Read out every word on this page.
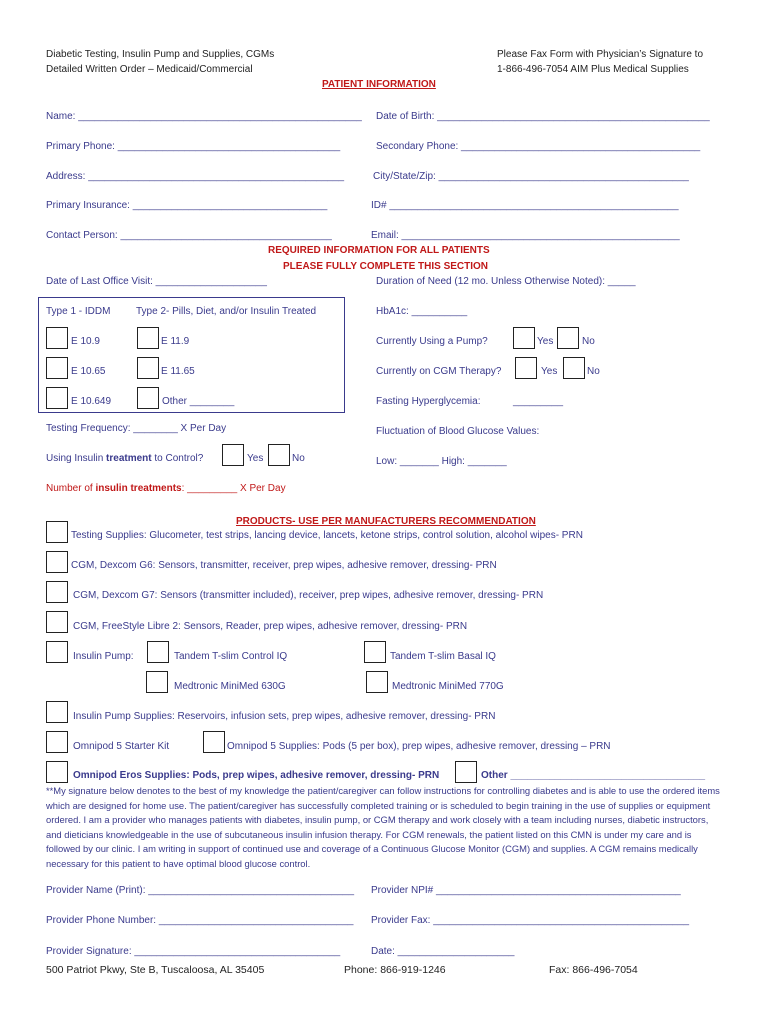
Diabetic Testing, Insulin Pump and Supplies, CGMs
Detailed Written Order – Medicaid/Commercial
Please Fax Form with Physician’s Signature to
1-866-496-7054 AIM Plus Medical Supplies
PATIENT INFORMATION
Name: ___________________________________________________ Date of Birth: _________________________________________________
Primary Phone: ________________________________________	Secondary Phone: ___________________________________________
Address: ______________________________________________	City/State/Zip: _____________________________________________
Primary Insurance: ___________________________________	ID# ____________________________________________________
Contact Person: ______________________________________	Email: __________________________________________________
REQUIRED INFORMATION FOR ALL PATIENTS
PLEASE FULLY COMPLETE THIS SECTION
Date of Last Office Visit: ____________________	Duration of Need (12 mo. Unless Otherwise Noted): _____
Type 1 - IDDM	Type 2- Pills, Diet, and/or Insulin Treated
E 10.9	E 11.9
E 10.65	E 11.65
E 10.649	Other ________
HbA1c: __________
Currently Using a Pump?	Yes	No
Currently on CGM Therapy?	Yes	No
Fasting Hyperglycemia:	_________
Fluctuation of Blood Glucose Values:
Low: _______ High: _______
Testing Frequency: ________ X Per Day
Using Insulin treatment to Control?	Yes	No
Number of insulin treatments: _________ X Per Day
PRODUCTS- USE PER MANUFACTURERS RECOMMENDATION
Testing Supplies: Glucometer, test strips, lancing device, lancets, ketone strips, control solution, alcohol wipes- PRN
CGM, Dexcom G6: Sensors, transmitter, receiver, prep wipes, adhesive remover, dressing- PRN
CGM, Dexcom G7: Sensors (transmitter included), receiver, prep wipes, adhesive remover, dressing- PRN
CGM, FreeStyle Libre 2: Sensors, Reader, prep wipes, adhesive remover, dressing- PRN
Insulin Pump:	Tandem T-slim Control IQ	Tandem T-slim Basal IQ
Medtronic MiniMed 630G	Medtronic MiniMed 770G
Insulin Pump Supplies: Reservoirs, infusion sets, prep wipes, adhesive remover, dressing- PRN
Omnipod 5 Starter Kit	Omnipod 5 Supplies: Pods (5 per box), prep wipes, adhesive remover, dressing – PRN
Omnipod Eros Supplies: Pods, prep wipes, adhesive remover, dressing- PRN	Other ___________________________________
**My signature below denotes to the best of my knowledge the patient/caregiver can follow instructions for controlling diabetes and is able to use the ordered items which are designed for home use. The patient/caregiver has successfully completed training or is scheduled to begin training in the use of supplies or equipment ordered. I am a provider who manages patients with diabetes, insulin pump, or CGM therapy and work closely with a team including nurses, diabetic instructors, and dieticians knowledgeable in the use of subcutaneous insulin infusion therapy. For CGM renewals, the patient listed on this CMN is under my care and is followed by our clinic. I am writing in support of continued use and coverage of a Continuous Glucose Monitor (CGM) and supplies. A CGM remains medically necessary for this patient to have optimal blood glucose control.
Provider Name (Print): _____________________________________ Provider NPI# ____________________________________________
Provider Phone Number: ___________________________________ Provider Fax: ______________________________________________
Provider Signature: _____________________________________	Date: _____________________
500 Patriot Pkwy, Ste B, Tuscaloosa, AL 35405	Phone: 866-919-1246	Fax: 866-496-7054
